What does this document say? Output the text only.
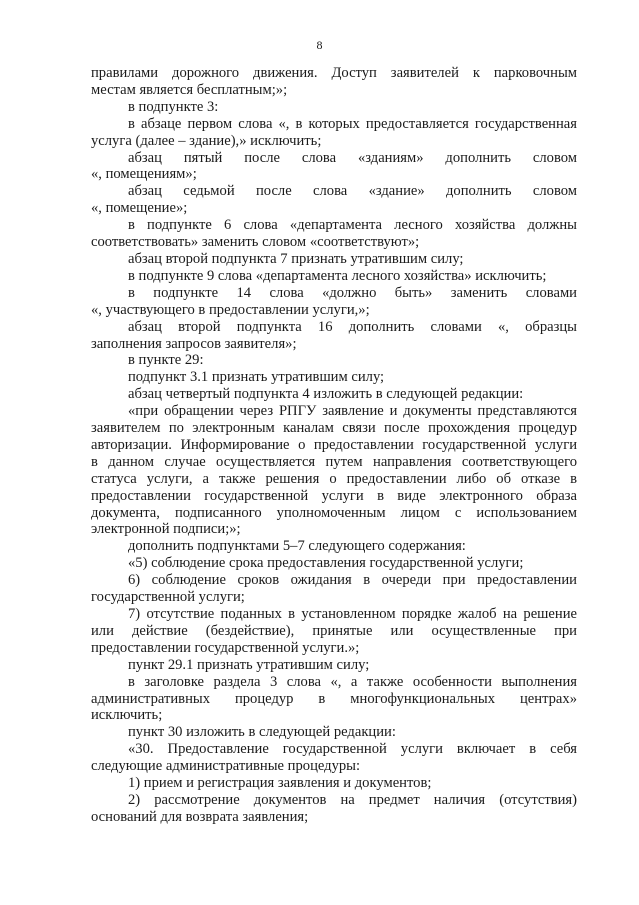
8

правилами дорожного движения. Доступ заявителей к парковочным

местам является бесплатным;»;

в подпункте 3:

в абзаце первом слова «, в которых предоставляется государственная

услуга (далее – здание),» исключить;

абзац пятый после слова «зданиям» дополнить словом

«, помещениям»;

абзац седьмой после слова «здание» дополнить словом

«, помещение»;

в подпункте 6 слова «департамента лесного хозяйства должны

соответствовать» заменить словом «соответствуют»;

абзац второй подпункта 7 признать утратившим силу;

в подпункте 9 слова «департамента лесного хозяйства» исключить;

в подпункте 14 слова «должно быть» заменить словами

«, участвующего в предоставлении услуги,»;

абзац второй подпункта 16 дополнить словами «, образцы

заполнения запросов заявителя»;

в пункте 29:

подпункт 3.1 признать утратившим силу;

абзац четвертый подпункта 4 изложить в следующей редакции:

«при обращении через РПГУ заявление и документы представляются

заявителем по электронным каналам связи после прохождения процедур

авторизации. Информирование о предоставлении государственной услуги

в данном случае осуществляется путем направления соответствующего

статуса услуги, а также решения о предоставлении либо об отказе в

предоставлении государственной услуги в виде электронного образа

документа, подписанного уполномоченным лицом с использованием

электронной подписи;»;

дополнить подпунктами 5–7 следующего содержания:

«5) соблюдение срока предоставления государственной услуги;

6) соблюдение сроков ожидания в очереди при предоставлении

государственной услуги;

7) отсутствие поданных в установленном порядке жалоб на решение

или действие (бездействие), принятые или осуществленные при

предоставлении государственной услуги.»;

пункт 29.1 признать утратившим силу;

в заголовке раздела 3 слова «, а также особенности выполнения

административных процедур в многофункциональных центрах»

исключить;

пункт 30 изложить в следующей редакции:

«30. Предоставление государственной услуги включает в себя

следующие административные процедуры:

1) прием и регистрация заявления и документов;

2) рассмотрение документов на предмет наличия (отсутствия)

оснований для возврата заявления;
